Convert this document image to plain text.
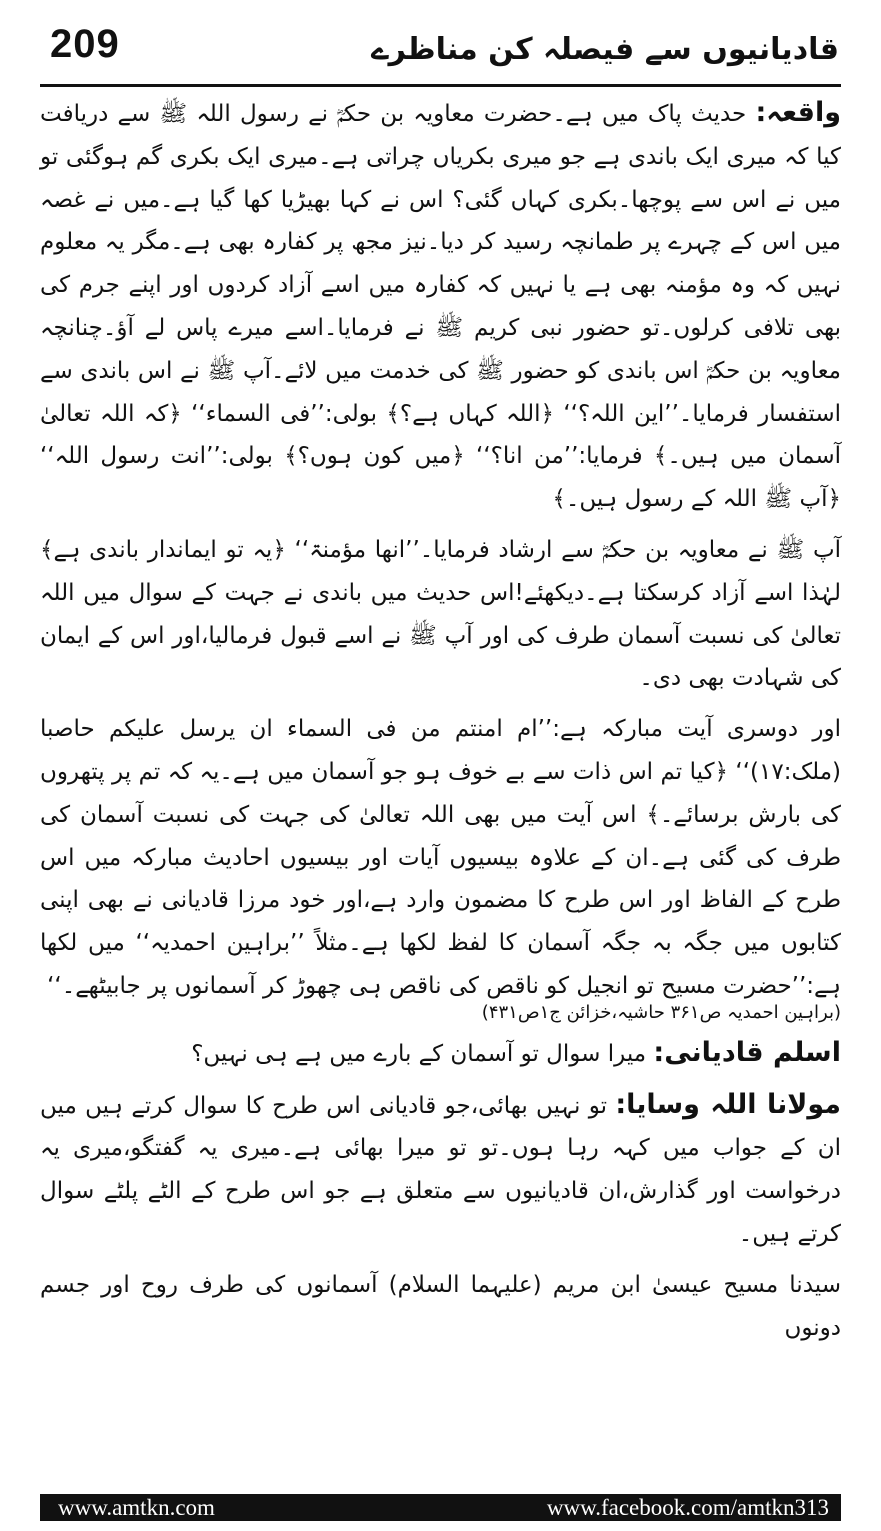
209	قادیانیوں سے فیصلہ کن مناظرے

واقعہ: حدیث پاک میں ہے۔حضرت معاویہ بن حکمؓ نے رسول اللہ ﷺ سے دریافت کیا کہ میری ایک باندی ہے جو میری بکریاں چراتی ہے۔میری ایک بکری گم ہوگئی تو میں نے اس سے پوچھا۔بکری کہاں گئی؟ اس نے کہا بھیڑیا کھا گیا ہے۔میں نے غصہ میں اس کے چہرے پر طمانچہ رسید کر دیا۔نیز مجھ پر کفارہ بھی ہے۔مگر یہ معلوم نہیں کہ وہ مؤمنہ بھی ہے یا نہیں کہ کفارہ میں اسے آزاد کردوں اور اپنے جرم کی بھی تلافی کرلوں۔تو حضور نبی کریم ﷺ نے فرمایا۔اسے میرے پاس لے آؤ۔چنانچہ معاویہ بن حکمؓ اس باندی کو حضور ﷺ کی خدمت میں لائے۔آپ ﷺ نے اس باندی سے استفسار فرمایا۔’’این اللہ؟‘‘ ﴿اللہ کہاں ہے؟﴾ بولی:’’فی السماء‘‘ ﴿کہ اللہ تعالیٰ آسمان میں ہیں۔﴾ فرمایا:’’من انا؟‘‘ ﴿میں کون ہوں؟﴾ بولی:’’انت رسول اللہ‘‘ ﴿آپ ﷺ اللہ کے رسول ہیں۔﴾

آپ ﷺ نے معاویہ بن حکمؓ سے ارشاد فرمایا۔’’انھا مؤمنۃ‘‘ ﴿یہ تو ایماندار باندی ہے﴾ لہٰذا اسے آزاد کرسکتا ہے۔دیکھئے!اس حدیث میں باندی نے جہت کے سوال میں اللہ تعالیٰ کی نسبت آسمان طرف کی اور آپ ﷺ نے اسے قبول فرمالیا،اور اس کے ایمان کی شہادت بھی دی۔

اور دوسری آیت مبارکہ ہے:’’ام امنتم من فی السماء ان یرسل علیکم حاصبا (ملک:۱۷)‘‘ ﴿کیا تم اس ذات سے بے خوف ہو جو آسمان میں ہے۔یہ کہ تم پر پتھروں کی بارش برسائے۔﴾ اس آیت میں بھی اللہ تعالیٰ کی جہت کی نسبت آسمان کی طرف کی گئی ہے۔ان کے علاوہ بیسیوں آیات اور بیسیوں احادیث مبارکہ میں اس طرح کے الفاظ اور اس طرح کا مضمون وارد ہے،اور خود مرزا قادیانی نے بھی اپنی کتابوں میں جگہ بہ جگہ آسمان کا لفظ لکھا ہے۔مثلاً ’’براہین احمدیہ‘‘ میں لکھا ہے:’’حضرت مسیح تو انجیل کو ناقص کی ناقص ہی چھوڑ کر آسمانوں پر جابیٹھے۔‘‘
(براہین احمدیہ ص۳۶۱ حاشیہ،خزائن ج۱ص۴۳۱)

اسلم قادیانی: میرا سوال تو آسمان کے بارے میں ہے ہی نہیں؟

مولانا اللہ وسایا: تو نہیں بھائی،جو قادیانی اس طرح کا سوال کرتے ہیں میں ان کے جواب میں کہہ رہا ہوں۔تو تو میرا بھائی ہے۔میری یہ گفتگو،میری یہ درخواست اور گذارش،ان قادیانیوں سے متعلق ہے جو اس طرح کے الٹے پلٹے سوال کرتے ہیں۔

سیدنا مسیح عیسیٰ ابن مریم (علیہما السلام) آسمانوں کی طرف روح اور جسم دونوں

www.amtkn.com	www.facebook.com/amtkn313
